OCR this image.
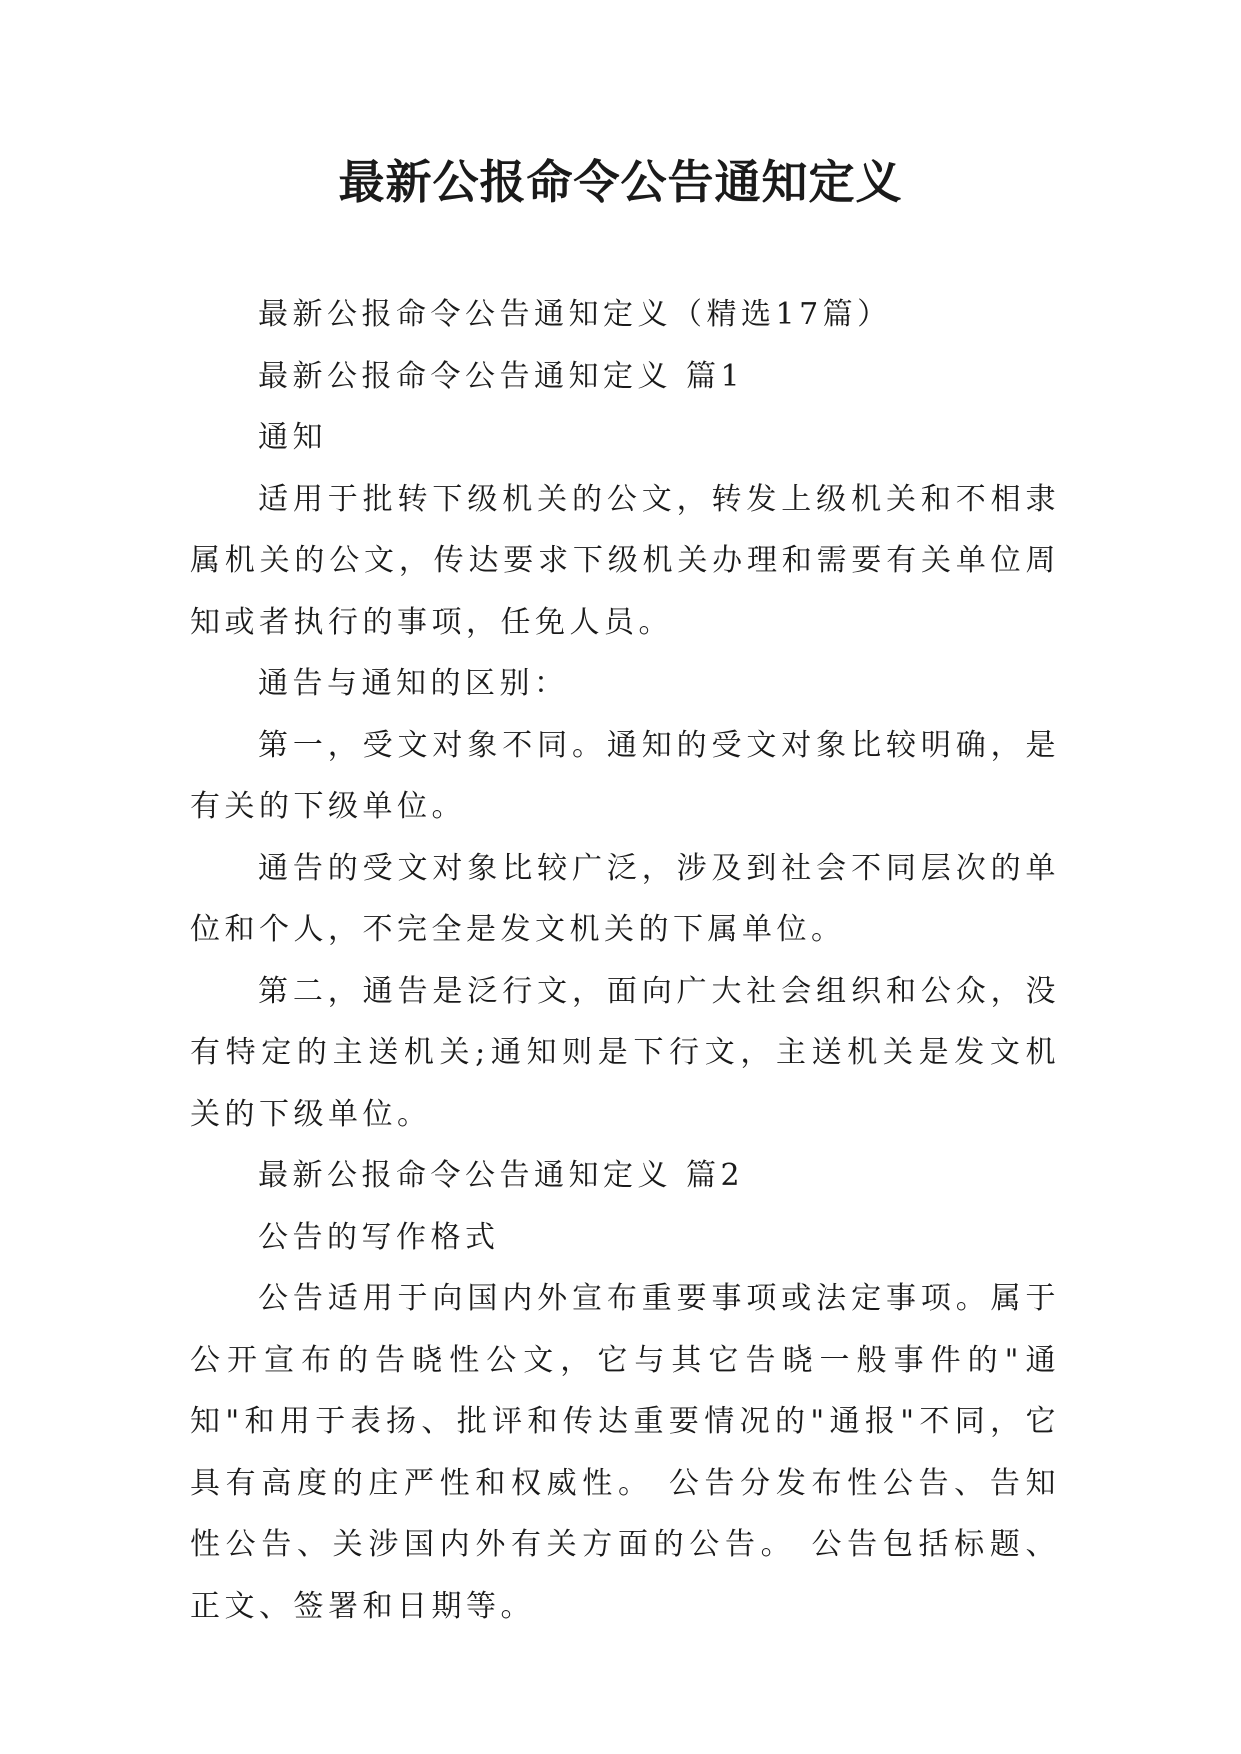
最新公报命令公告通知定义

最新公报命令公告通知定义（精选17篇）

最新公报命令公告通知定义 篇1

通知

适用于批转下级机关的公文，转发上级机关和不相隶属机关的公文，传达要求下级机关办理和需要有关单位周知或者执行的事项，任免人员。

通告与通知的区别：

第一，受文对象不同。通知的受文对象比较明确，是有关的下级单位。

通告的受文对象比较广泛，涉及到社会不同层次的单位和个人，不完全是发文机关的下属单位。

第二，通告是泛行文，面向广大社会组织和公众，没有特定的主送机关;通知则是下行文，主送机关是发文机关的下级单位。

最新公报命令公告通知定义 篇2

公告的写作格式

公告适用于向国内外宣布重要事项或法定事项。属于公开宣布的告晓性公文，它与其它告晓一般事件的"通知"和用于表扬、批评和传达重要情况的"通报"不同，它具有高度的庄严性和权威性。 公告分发布性公告、告知性公告、关涉国内外有关方面的公告。 公告包括标题、正文、签署和日期等。
